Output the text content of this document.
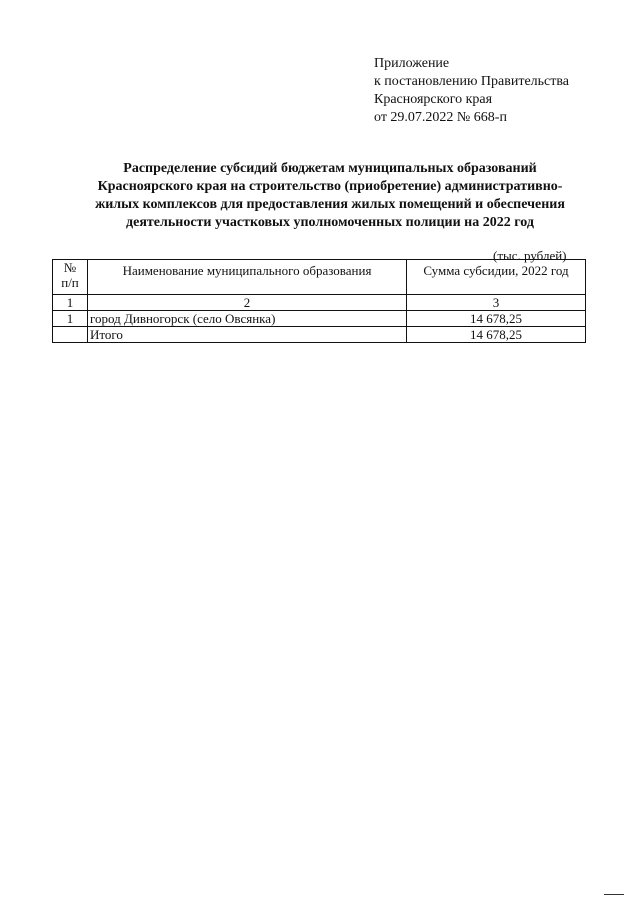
Приложение
к постановлению Правительства
Красноярского края
от 29.07.2022 № 668-п
Распределение субсидий бюджетам муниципальных образований
Красноярского края на строительство (приобретение) административно-
жилых комплексов для предоставления жилых помещений и обеспечения
деятельности участковых уполномоченных полиции на 2022 год
(тыс. рублей)
№
п/п	Наименование муниципального образования	Сумма субсидии, 2022 год
1	2	3
1	город Дивногорск (село Овсянка)	14 678,25
	Итого	14 678,25
